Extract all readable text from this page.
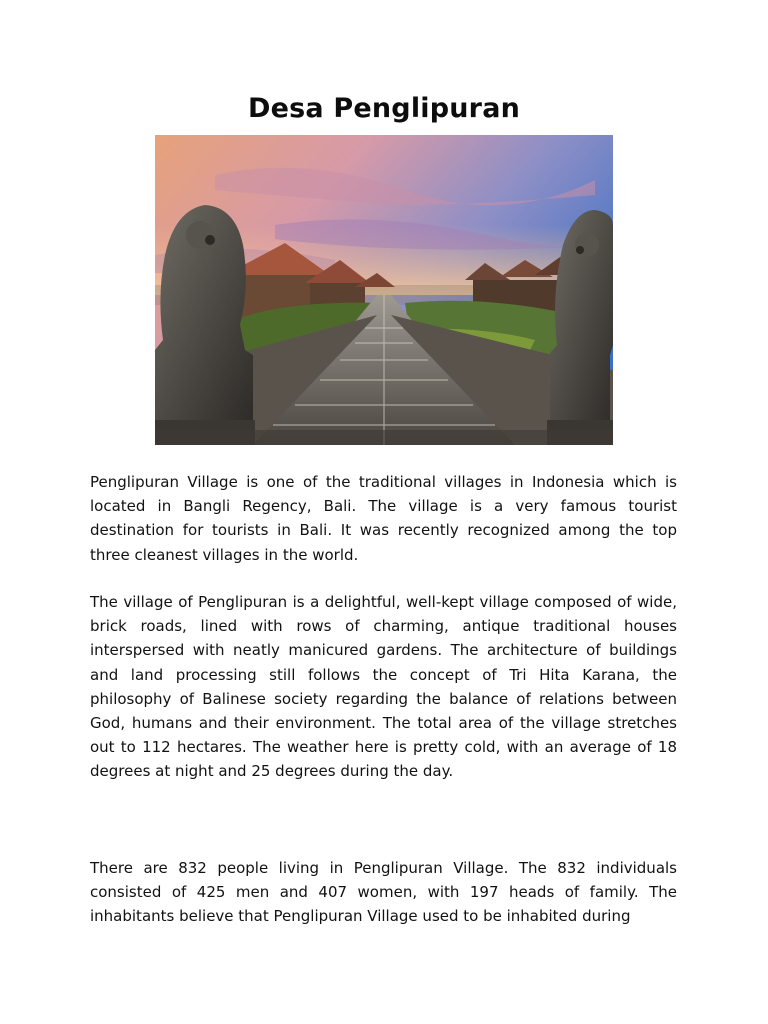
Desa Penglipuran

Penglipuran Village is one of the traditional villages in Indonesia which is located in Bangli Regency, Bali. The village is a very famous tourist destination for tourists in Bali. It was recently recognized among the top three cleanest villages in the world.

The village of Penglipuran is a delightful, well-kept village composed of wide, brick roads, lined with rows of charming, antique traditional houses interspersed with neatly manicured gardens. The architecture of buildings and land processing still follows the concept of Tri Hita Karana, the philosophy of Balinese society regarding the balance of relations between God, humans and their environment. The total area of the village stretches out to 112 hectares. The weather here is pretty cold, with an average of 18 degrees at night and 25 degrees during the day.

There are 832 people living in Penglipuran Village. The 832 individuals consisted of 425 men and 407 women, with 197 heads of family. The inhabitants believe that Penglipuran Village used to be inhabited during
